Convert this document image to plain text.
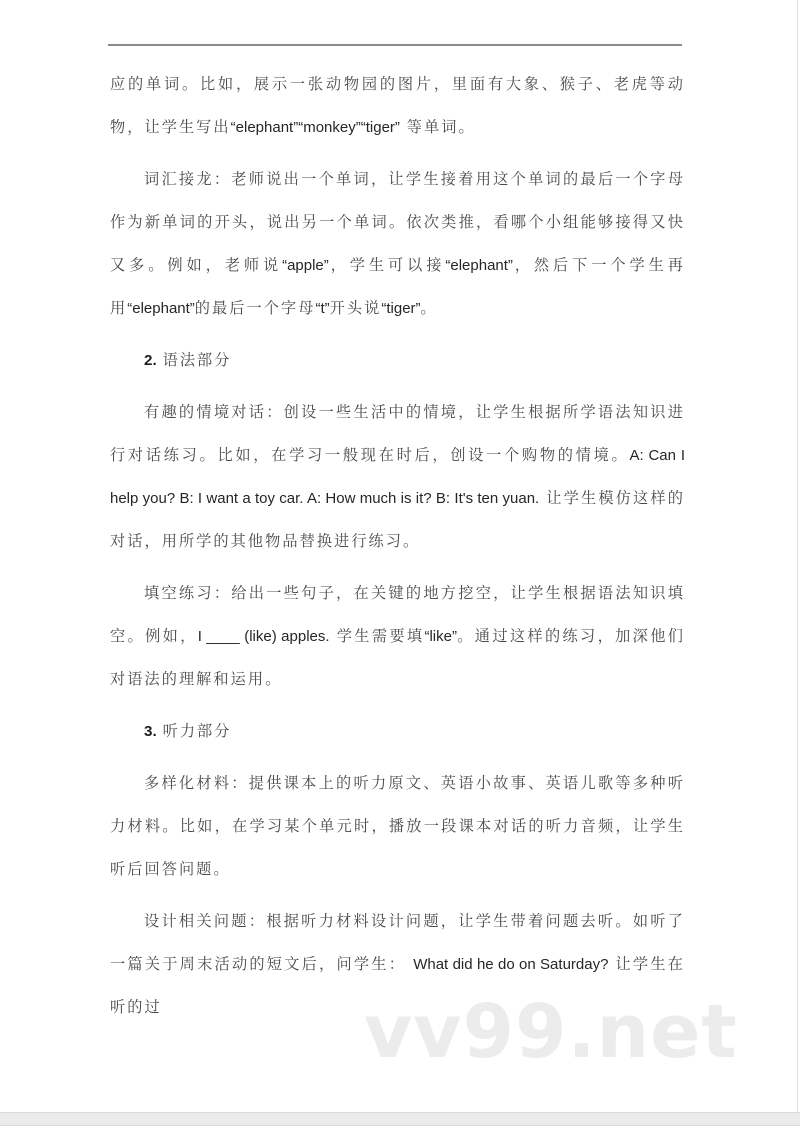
应的单词。比如，展示一张动物园的图片，里面有大象、猴子、老虎等动物，让学生写出“elephant”“monkey”“tiger” 等单词。

词汇接龙：老师说出一个单词，让学生接着用这个单词的最后一个字母作为新单词的开头，说出另一个单词。依次类推，看哪个小组能够接得又快又多。例如，老师说“apple”，学生可以接“elephant”，然后下一个学生再用“elephant”的最后一个字母“t”开头说“tiger”。

2. 语法部分

有趣的情境对话：创设一些生活中的情境，让学生根据所学语法知识进行对话练习。比如，在学习一般现在时后，创设一个购物的情境。A: Can I help you? B: I want a toy car. A: How much is it? B: It's ten yuan. 让学生模仿这样的对话，用所学的其他物品替换进行练习。

填空练习：给出一些句子，在关键的地方挖空，让学生根据语法知识填空。例如，I ____ (like) apples. 学生需要填“like”。通过这样的练习，加深他们对语法的理解和运用。

3. 听力部分

多样化材料：提供课本上的听力原文、英语小故事、英语儿歌等多种听力材料。比如，在学习某个单元时，播放一段课本对话的听力音频，让学生听后回答问题。

设计相关问题：根据听力材料设计问题，让学生带着问题去听。如听了一篇关于周末活动的短文后，问学生： What did he do on Saturday? 让学生在听的过	vv99.net
